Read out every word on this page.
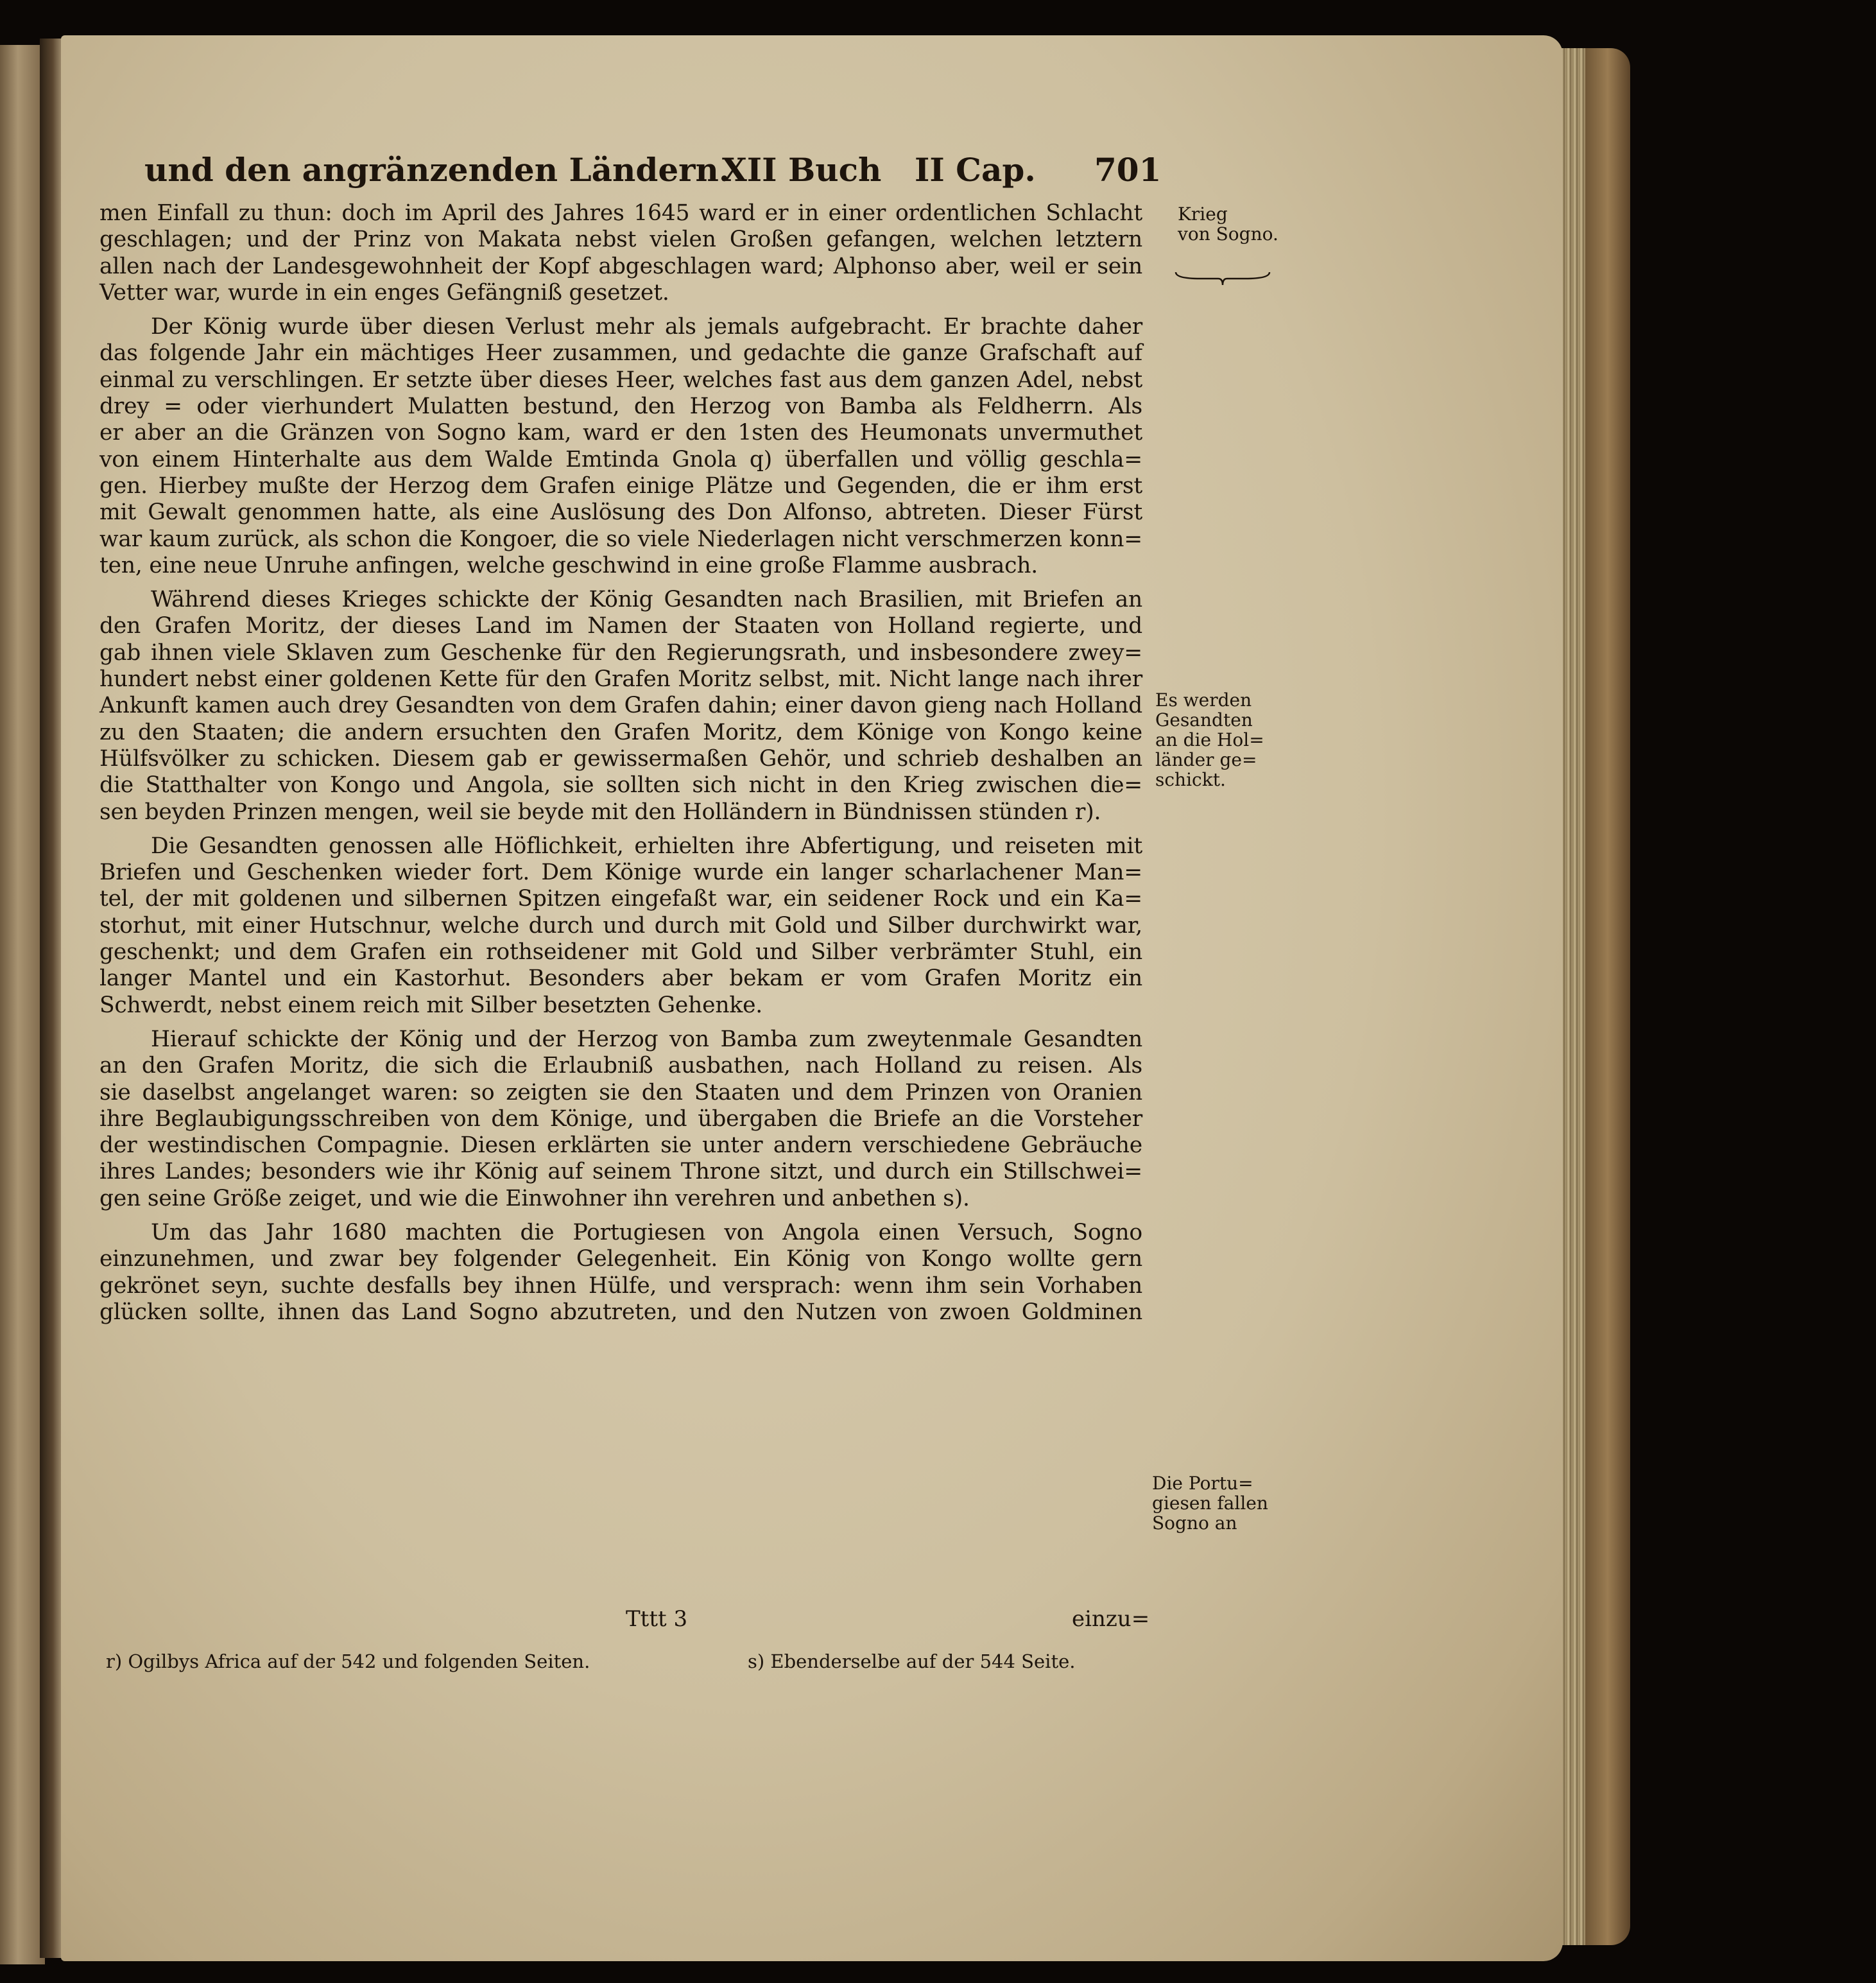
und den angränzenden Ländern.
XII Buch II Cap. 701
men Einfall zu thun: doch im April des Jahres 1645 ward er in einer ordentlichen Schlacht
geschlagen; und der Prinz von Makata nebst vielen Großen gefangen, welchen letztern
allen nach der Landesgewohnheit der Kopf abgeschlagen ward; Alphonso aber, weil er sein
Vetter war, wurde in ein enges Gefängniß gesetzet.
Der König wurde über diesen Verlust mehr als jemals aufgebracht. Er brachte daher
das folgende Jahr ein mächtiges Heer zusammen, und gedachte die ganze Grafschaft auf
einmal zu verschlingen. Er setzte über dieses Heer, welches fast aus dem ganzen Adel, nebst
drey = oder vierhundert Mulatten bestund, den Herzog von Bamba als Feldherrn. Als
er aber an die Gränzen von Sogno kam, ward er den 1sten des Heumonats unvermuthet
von einem Hinterhalte aus dem Walde Emtinda Gnola q) überfallen und völlig geschla=
gen. Hierbey mußte der Herzog dem Grafen einige Plätze und Gegenden, die er ihm erst
mit Gewalt genommen hatte, als eine Auslösung des Don Alfonso, abtreten. Dieser Fürst
war kaum zurück, als schon die Kongoer, die so viele Niederlagen nicht verschmerzen konn=
ten, eine neue Unruhe anfingen, welche geschwind in eine große Flamme ausbrach.
Während dieses Krieges schickte der König Gesandten nach Brasilien, mit Briefen an
den Grafen Moritz, der dieses Land im Namen der Staaten von Holland regierte, und
gab ihnen viele Sklaven zum Geschenke für den Regierungsrath, und insbesondere zwey=
hundert nebst einer goldenen Kette für den Grafen Moritz selbst, mit. Nicht lange nach ihrer
Ankunft kamen auch drey Gesandten von dem Grafen dahin; einer davon gieng nach Holland
zu den Staaten; die andern ersuchten den Grafen Moritz, dem Könige von Kongo keine
Hülfsvölker zu schicken. Diesem gab er gewissermaßen Gehör, und schrieb deshalben an
die Statthalter von Kongo und Angola, sie sollten sich nicht in den Krieg zwischen die=
sen beyden Prinzen mengen, weil sie beyde mit den Holländern in Bündnissen stünden r).
Die Gesandten genossen alle Höflichkeit, erhielten ihre Abfertigung, und reiseten mit
Briefen und Geschenken wieder fort. Dem Könige wurde ein langer scharlachener Man=
tel, der mit goldenen und silbernen Spitzen eingefaßt war, ein seidener Rock und ein Ka=
storhut, mit einer Hutschnur, welche durch und durch mit Gold und Silber durchwirkt war,
geschenkt; und dem Grafen ein rothseidener mit Gold und Silber verbrämter Stuhl, ein
langer Mantel und ein Kastorhut. Besonders aber bekam er vom Grafen Moritz ein
Schwerdt, nebst einem reich mit Silber besetzten Gehenke.
Hierauf schickte der König und der Herzog von Bamba zum zweytenmale Gesandten
an den Grafen Moritz, die sich die Erlaubniß ausbathen, nach Holland zu reisen. Als
sie daselbst angelanget waren: so zeigten sie den Staaten und dem Prinzen von Oranien
ihre Beglaubigungsschreiben von dem Könige, und übergaben die Briefe an die Vorsteher
der westindischen Compagnie. Diesen erklärten sie unter andern verschiedene Gebräuche
ihres Landes; besonders wie ihr König auf seinem Throne sitzt, und durch ein Stillschwei=
gen seine Größe zeiget, und wie die Einwohner ihn verehren und anbethen s).
Um das Jahr 1680 machten die Portugiesen von Angola einen Versuch, Sogno
einzunehmen, und zwar bey folgender Gelegenheit. Ein König von Kongo wollte gern
gekrönet seyn, suchte desfalls bey ihnen Hülfe, und versprach: wenn ihm sein Vorhaben
glücken sollte, ihnen das Land Sogno abzutreten, und den Nutzen von zwoen Goldminen
Krieg
von Sogno.
Es werden
Gesandten
an die Hol=
länder ge=
schickt.
Die Portu=
giesen fallen
Sogno an
Tttt 3	einzu=
r) Ogilbys Africa auf der 542 und folgenden Seiten.	s) Ebenderselbe auf der 544 Seite.
